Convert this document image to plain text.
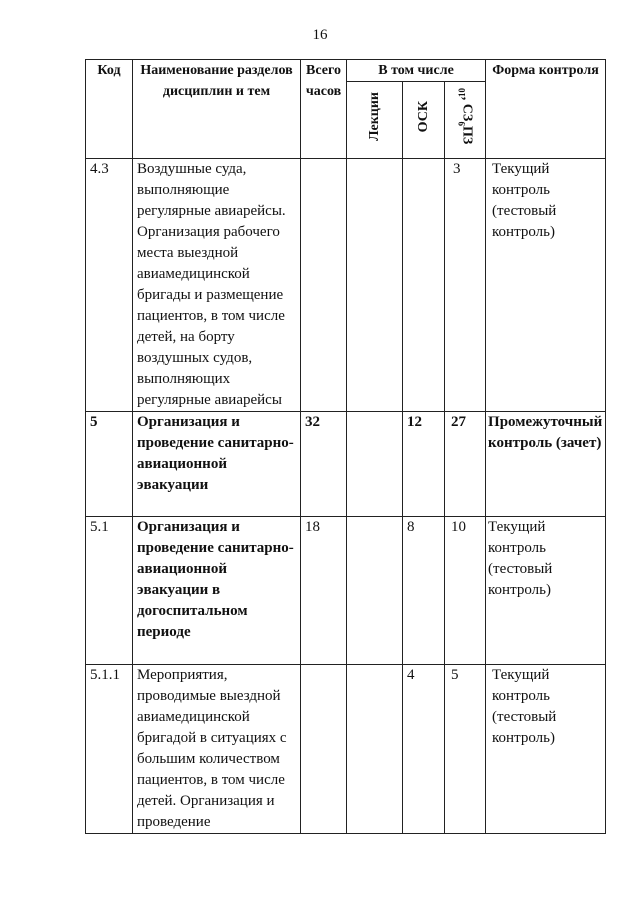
16
Код	Наименование разделов дисциплин и тем	Всего часов	В том числе			Форма контроля
			Лекции	ОСК	$ПЗ^9$, СЗ$^{10}$
4.3	Воздушные суда, выполняющие регулярные авиарейсы. Организация рабочего места выездной авиамедицинской бригады и размещение пациентов, в том числе детей, на борту воздушных судов, выполняющих регулярные авиарейсы				3	Текущий контроль (тестовый контроль)
5	Организация и проведение санитарно-авиационной эвакуации	32		12	27	Промежуточный контроль (зачет)
5.1	Организация и проведение санитарно-авиационной эвакуации в догоспитальном периоде	18		8	10	Текущий контроль (тестовый контроль)
5.1.1	Мероприятия, проводимые выездной авиамедицинской бригадой в ситуациях с большим количеством пациентов, в том числе детей. Организация и проведение			4	5	Текущий контроль (тестовый контроль)
